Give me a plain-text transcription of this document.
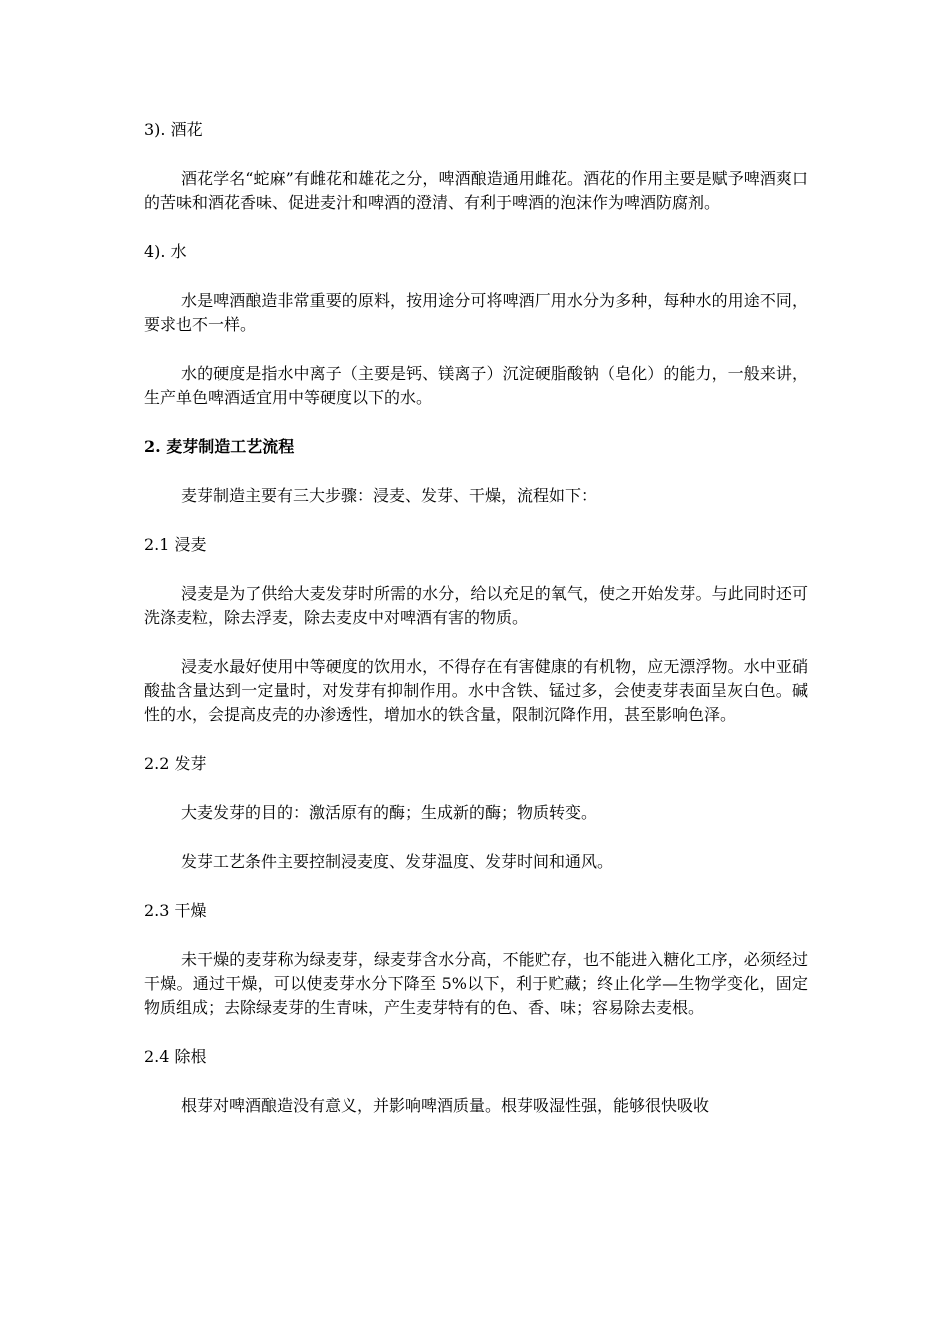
3). 酒花
酒花学名“蛇麻”有雌花和雄花之分，啤酒酿造通用雌花。酒花的作用主要是赋予啤酒爽口的苦味和酒花香味、促进麦汁和啤酒的澄清、有利于啤酒的泡沫作为啤酒防腐剂。
4). 水
水是啤酒酿造非常重要的原料，按用途分可将啤酒厂用水分为多种，每种水的用途不同，要求也不一样。
水的硬度是指水中离子（主要是钙、镁离子）沉淀硬脂酸钠（皂化）的能力，一般来讲，生产单色啤酒适宜用中等硬度以下的水。
2. 麦芽制造工艺流程
麦芽制造主要有三大步骤：浸麦、发芽、干燥，流程如下：
2.1 浸麦
浸麦是为了供给大麦发芽时所需的水分，给以充足的氧气，使之开始发芽。与此同时还可洗涤麦粒，除去浮麦，除去麦皮中对啤酒有害的物质。
浸麦水最好使用中等硬度的饮用水，不得存在有害健康的有机物，应无漂浮物。水中亚硝酸盐含量达到一定量时，对发芽有抑制作用。水中含铁、锰过多，会使麦芽表面呈灰白色。碱性的水，会提高皮壳的办渗透性，增加水的铁含量，限制沉降作用，甚至影响色泽。
2.2 发芽
大麦发芽的目的：激活原有的酶；生成新的酶；物质转变。
发芽工艺条件主要控制浸麦度、发芽温度、发芽时间和通风。
2.3 干燥
未干燥的麦芽称为绿麦芽，绿麦芽含水分高，不能贮存，也不能进入糖化工序，必须经过干燥。通过干燥，可以使麦芽水分下降至 5%以下，利于贮藏；终止化学—生物学变化，固定物质组成；去除绿麦芽的生青味，产生麦芽特有的色、香、味；容易除去麦根。
2.4 除根
根芽对啤酒酿造没有意义，并影响啤酒质量。根芽吸湿性强，能够很快吸收
